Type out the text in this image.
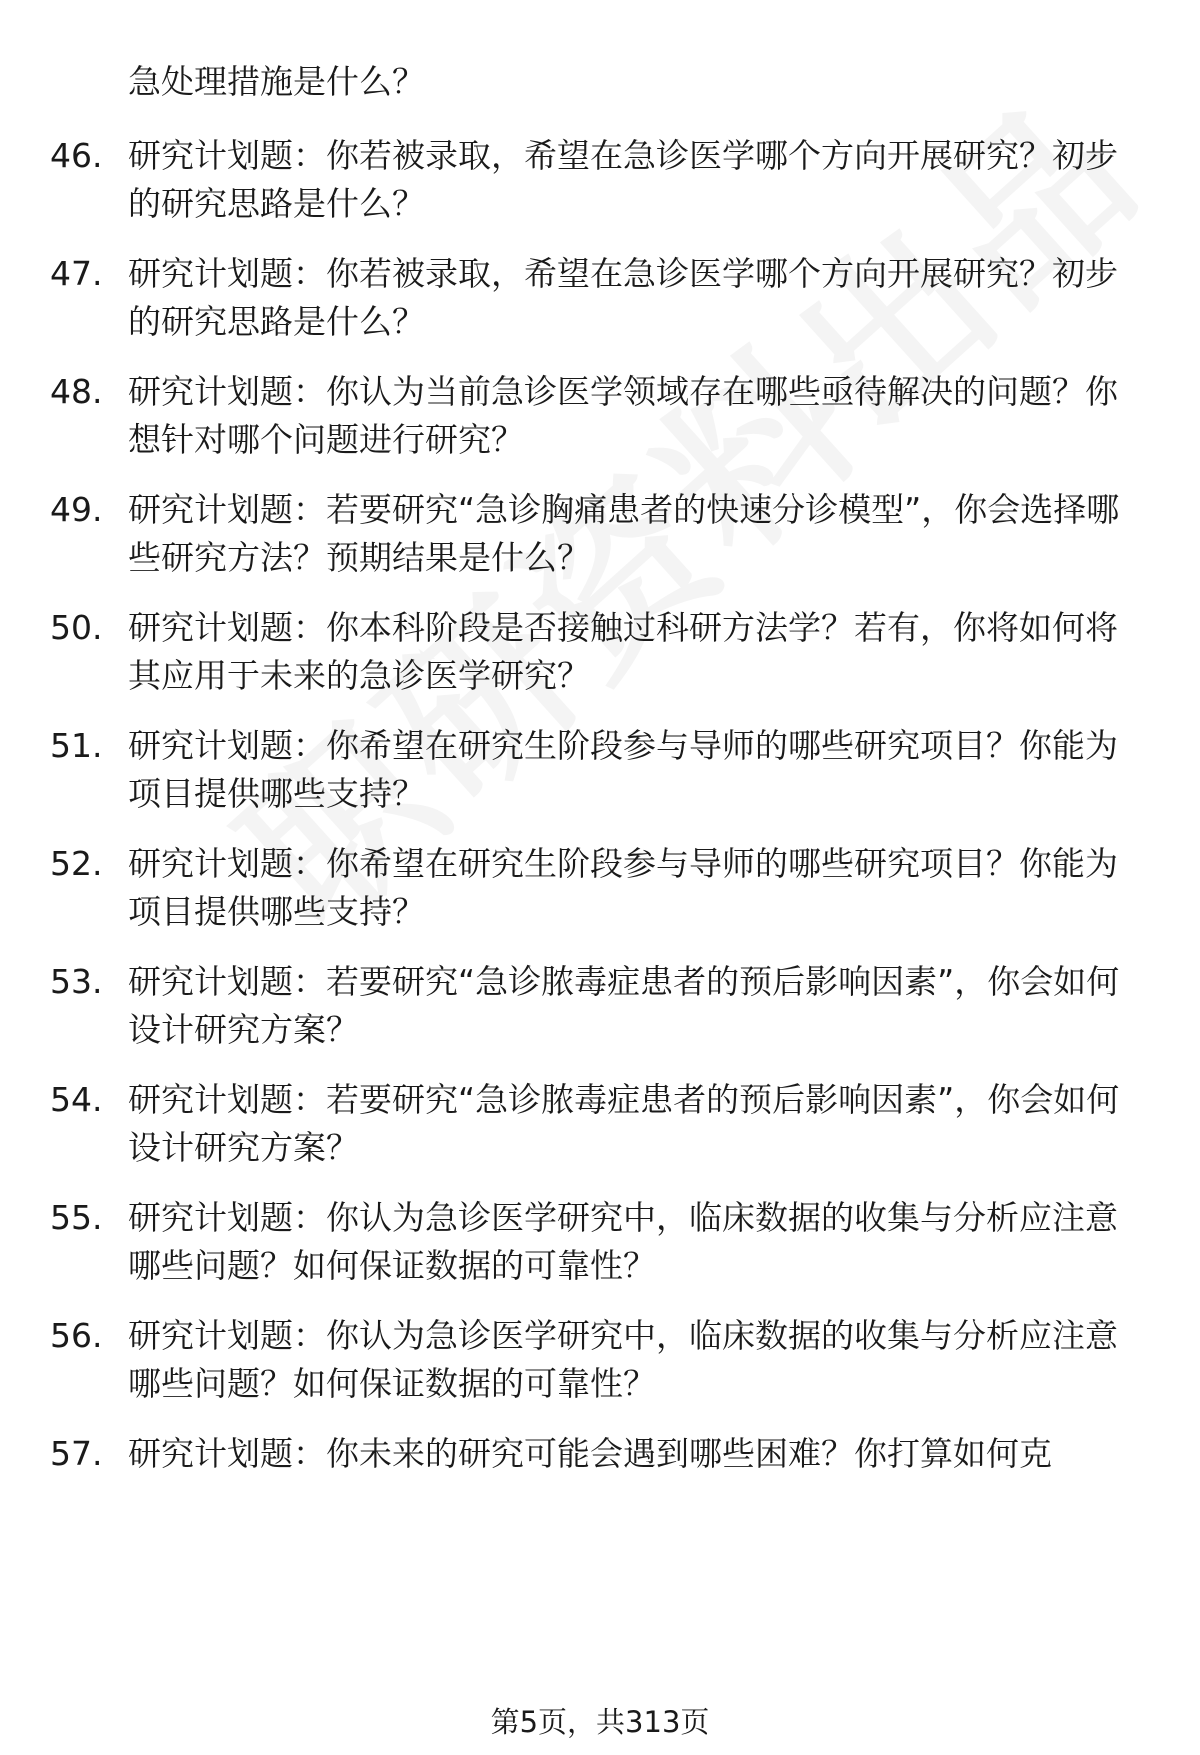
急处理措施是什么？
46. 研究计划题：你若被录取，希望在急诊医学哪个方向开展研究？初步的研究思路是什么？
47. 研究计划题：你若被录取，希望在急诊医学哪个方向开展研究？初步的研究思路是什么？
48. 研究计划题：你认为当前急诊医学领域存在哪些亟待解决的问题？你想针对哪个问题进行研究？
49. 研究计划题：若要研究“急诊胸痛患者的快速分诊模型”，你会选择哪些研究方法？预期结果是什么？
50. 研究计划题：你本科阶段是否接触过科研方法学？若有，你将如何将其应用于未来的急诊医学研究？
51. 研究计划题：你希望在研究生阶段参与导师的哪些研究项目？你能为项目提供哪些支持？
52. 研究计划题：你希望在研究生阶段参与导师的哪些研究项目？你能为项目提供哪些支持？
53. 研究计划题：若要研究“急诊脓毒症患者的预后影响因素”，你会如何设计研究方案？
54. 研究计划题：若要研究“急诊脓毒症患者的预后影响因素”，你会如何设计研究方案？
55. 研究计划题：你认为急诊医学研究中，临床数据的收集与分析应注意哪些问题？如何保证数据的可靠性？
56. 研究计划题：你认为急诊医学研究中，临床数据的收集与分析应注意哪些问题？如何保证数据的可靠性？
57. 研究计划题：你未来的研究可能会遇到哪些困难？你打算如何克
第5页，共313页
